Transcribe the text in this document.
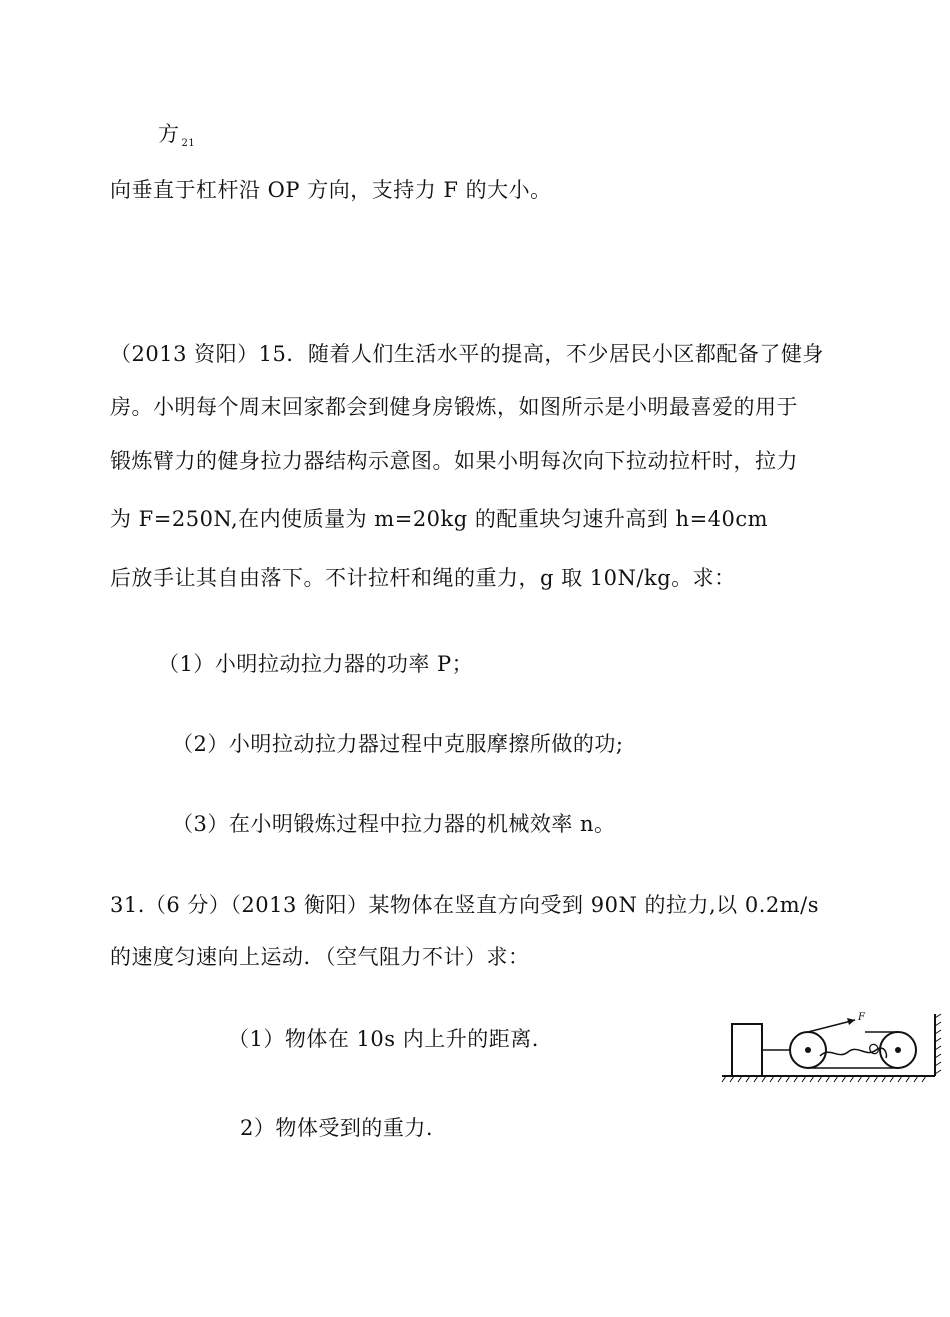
方 $^{21}$
向垂直于杠杆沿 OP 方向，支持力 F 的大小。
（2013 资阳）15．随着人们生活水平的提高，不少居民小区都配备了健身
房。小明每个周末回家都会到健身房锻炼，如图所示是小明最喜爱的用于
锻炼臂力的健身拉力器结构示意图。如果小明每次向下拉动拉杆时，拉力
为 F=250N,在内使质量为 m=20kg 的配重块匀速升高到 h=40cm
后放手让其自由落下。不计拉杆和绳的重力，g 取 10N/kg。求：
（1）小明拉动拉力器的功率 P；
（2）小明拉动拉力器过程中克服摩擦所做的功;
（3）在小明锻炼过程中拉力器的机械效率 n。
31.（6 分）（2013 衡阳）某物体在竖直方向受到 90N 的拉力,以 0.2m/s
的速度匀速向上运动．（空气阻力不计）求：
（1）物体在 10s 内上升的距离.
2）物体受到的重力.
F
